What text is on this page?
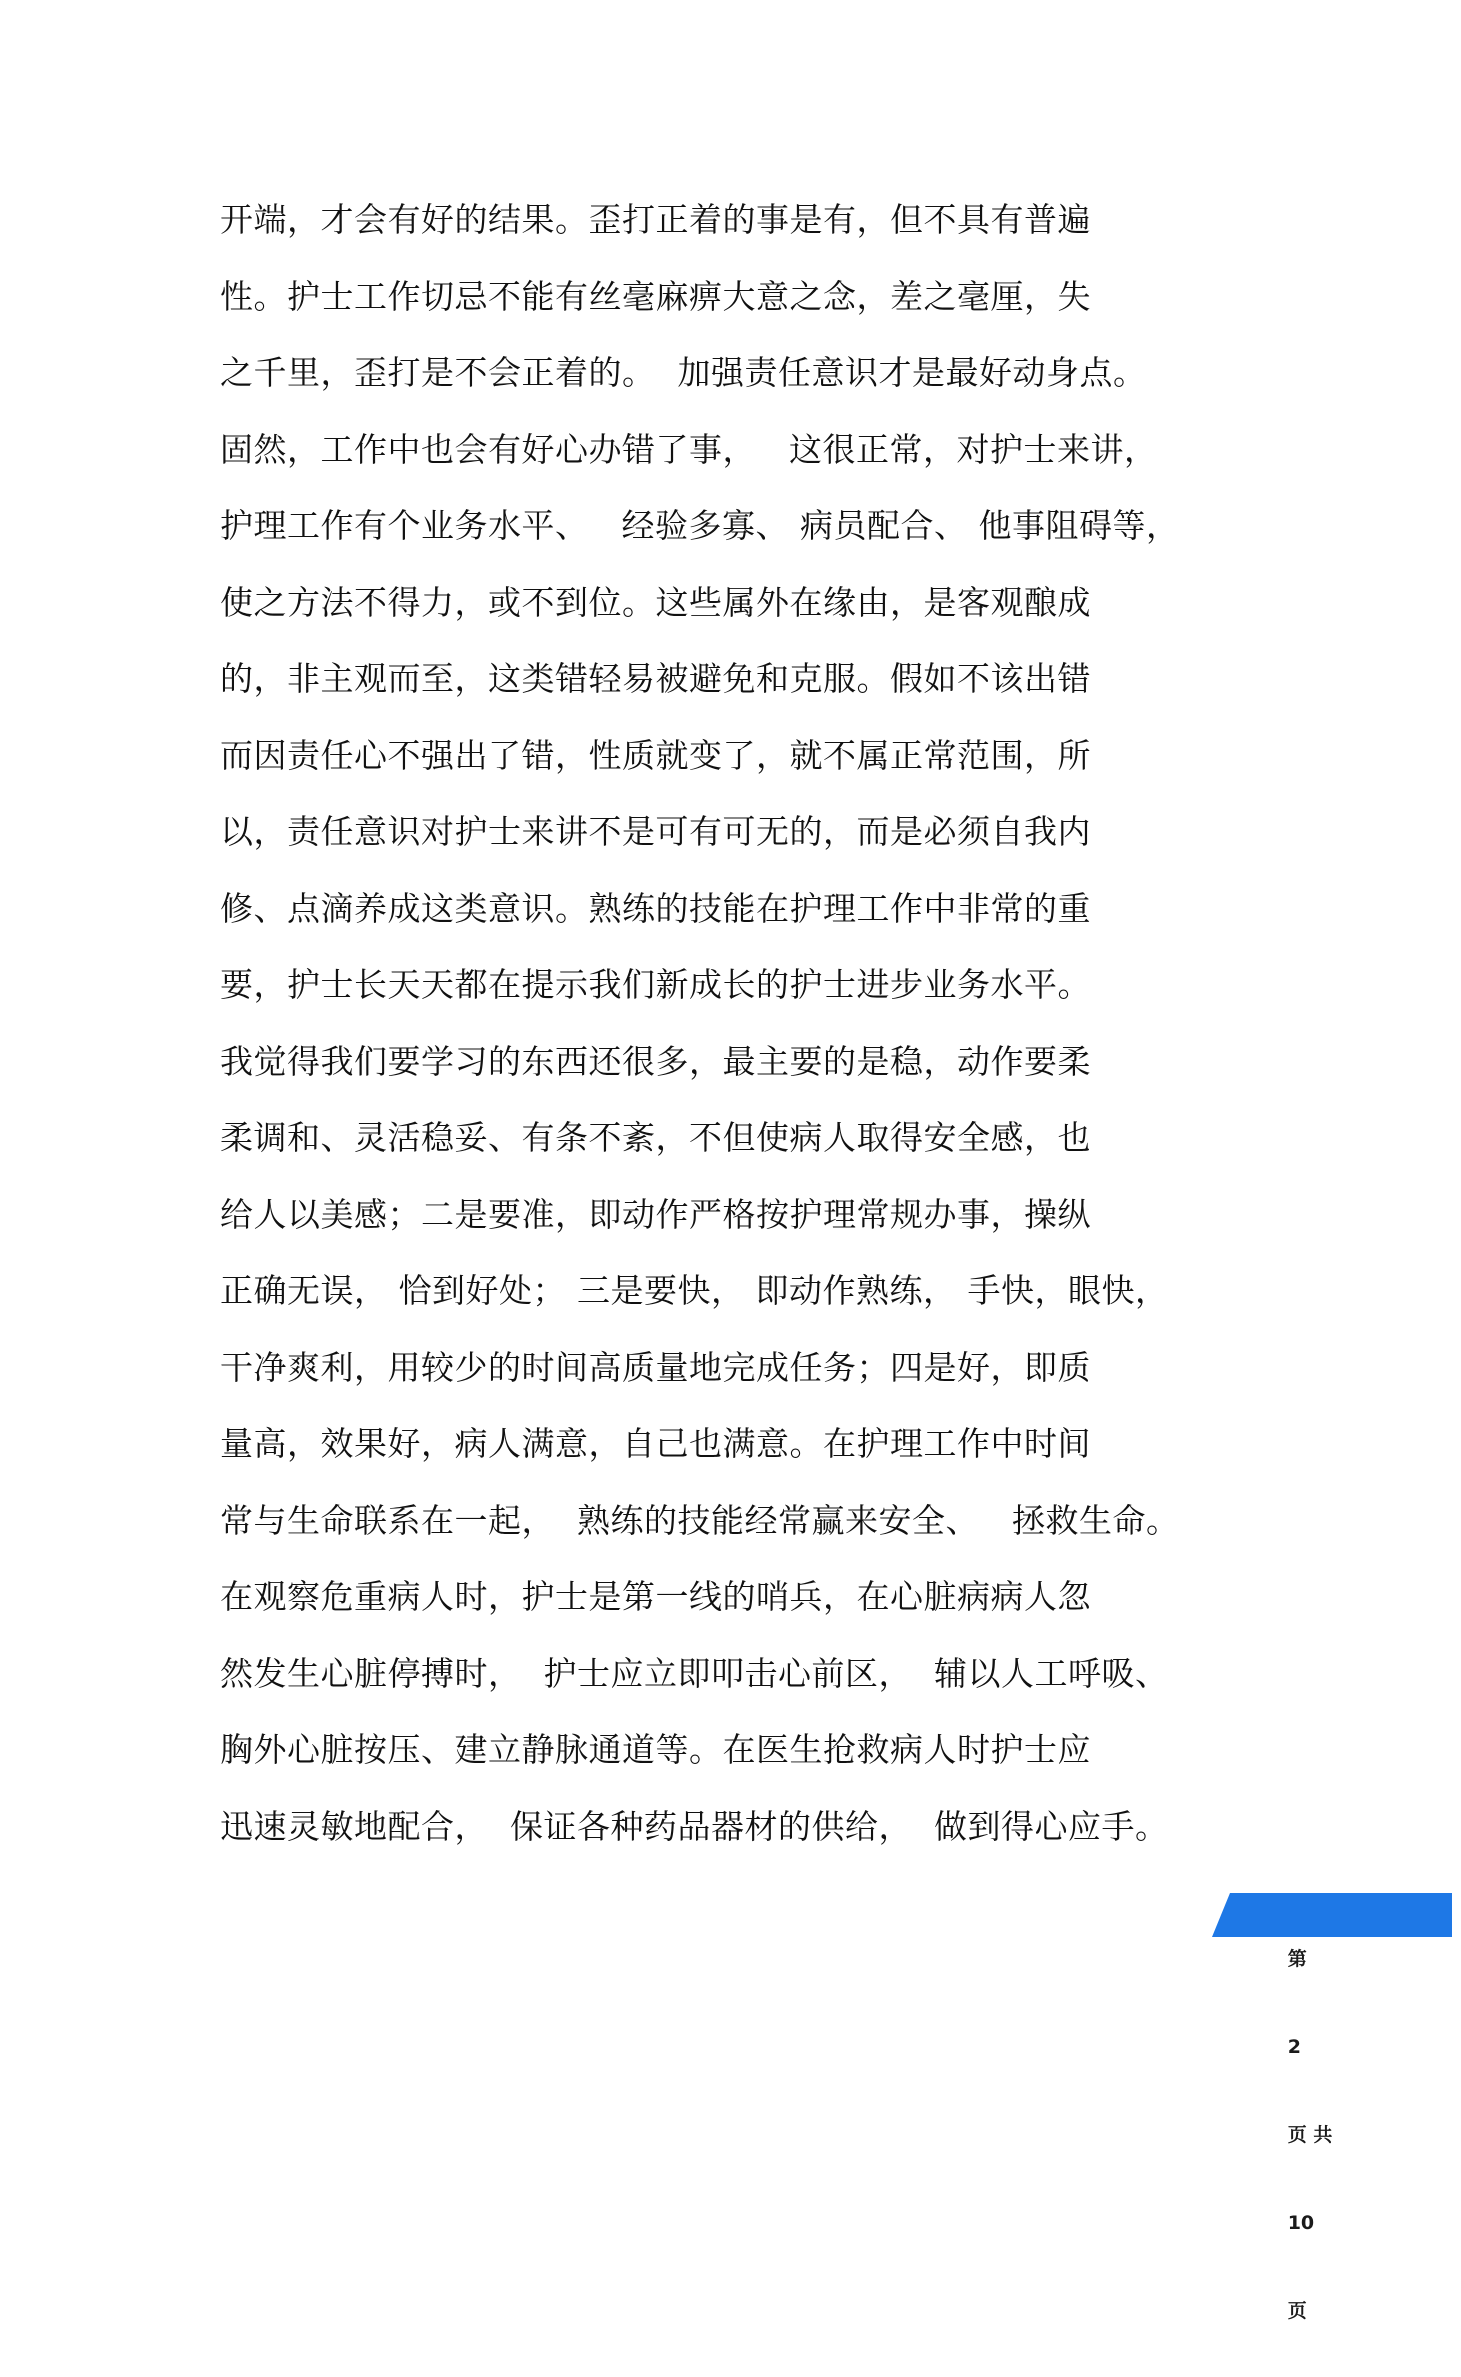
开端，才会有好的结果。歪打正着的事是有，但不具有普遍
性。护士工作切忌不能有丝毫麻痹大意之念，差之毫厘，失
之千里，歪打是不会正着的。  加强责任意识才是最好动身点。
固然，工作中也会有好心办错了事，   这很正常，对护士来讲，
护理工作有个业务水平、   经验多寡、 病员配合、 他事阻碍等，
使之方法不得力，或不到位。这些属外在缘由，是客观酿成
的，非主观而至，这类错轻易被避免和克服。假如不该出错
而因责任心不强出了错，性质就变了，就不属正常范围，所
以，责任意识对护士来讲不是可有可无的，而是必须自我内
修、点滴养成这类意识。熟练的技能在护理工作中非常的重
要，护士长天天都在提示我们新成长的护士进步业务水平。
我觉得我们要学习的东西还很多，最主要的是稳，动作要柔
柔调和、灵活稳妥、有条不紊，不但使病人取得安全感，也
给人以美感；二是要准，即动作严格按护理常规办事，操纵
正确无误， 恰到好处； 三是要快， 即动作熟练， 手快，眼快，
干净爽利，用较少的时间高质量地完成任务；四是好，即质
量高，效果好，病人满意，自己也满意。在护理工作中时间
常与生命联系在一起，  熟练的技能经常赢来安全、   拯救生命。
在观察危重病人时，护士是第一线的哨兵，在心脏病病人忽
然发生心脏停搏时，  护士应立即叩击心前区，  辅以人工呼吸、
胸外心脏按压、建立静脉通道等。在医生抢救病人时护士应
迅速灵敏地配合，  保证各种药品器材的供给，  做到得心应手。

第

2

页 共

10

页
